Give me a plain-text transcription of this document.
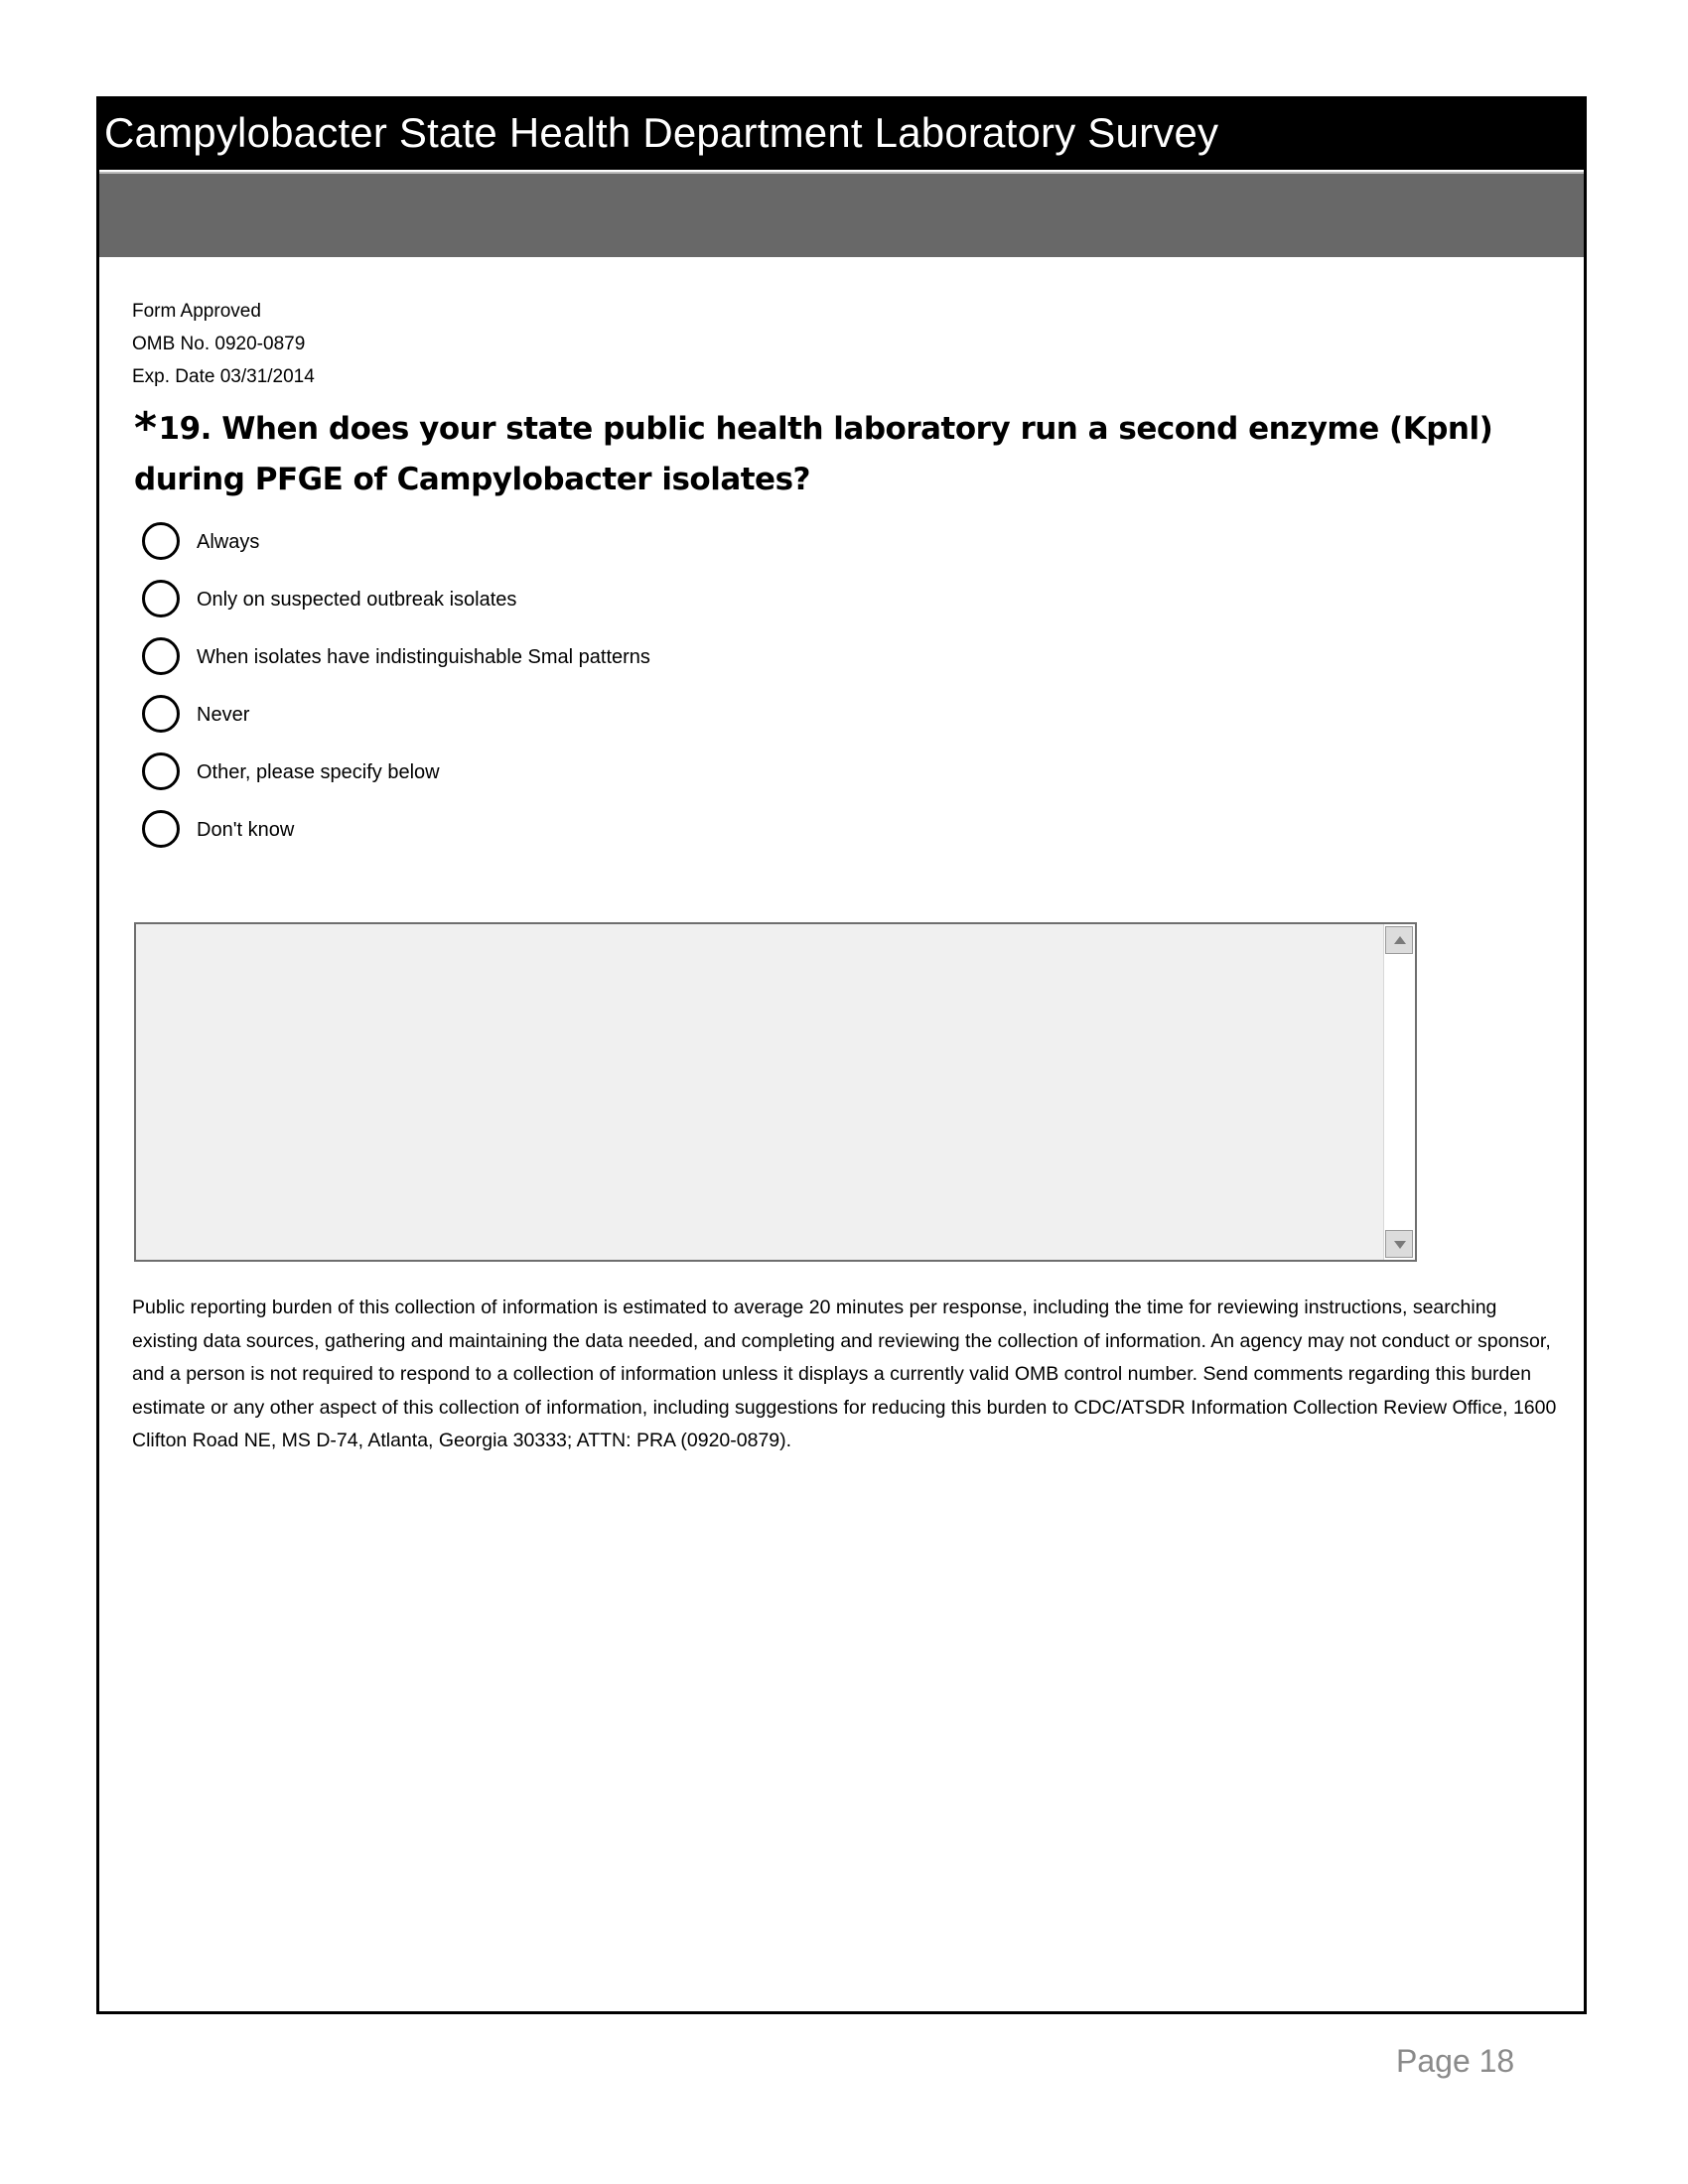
Campylobacter State Health Department Laboratory Survey
Form Approved
OMB No. 0920-0879
Exp. Date 03/31/2014
*19. When does your state public health laboratory run a second enzyme (Kpnl) during PFGE of Campylobacter isolates?
Always
Only on suspected outbreak isolates
When isolates have indistinguishable Smal patterns
Never
Other, please specify below
Don't know
Public reporting burden of this collection of information is estimated to average 20 minutes per response, including the time for reviewing instructions, searching existing data sources, gathering and maintaining the data needed, and completing and reviewing the collection of information. An agency may not conduct or sponsor, and a person is not required to respond to a collection of information unless it displays a currently valid OMB control number. Send comments regarding this burden estimate or any other aspect of this collection of information, including suggestions for reducing this burden to CDC/ATSDR Information Collection Review Office, 1600 Clifton Road NE, MS D-74, Atlanta, Georgia 30333; ATTN: PRA (0920-0879).
Page 18
